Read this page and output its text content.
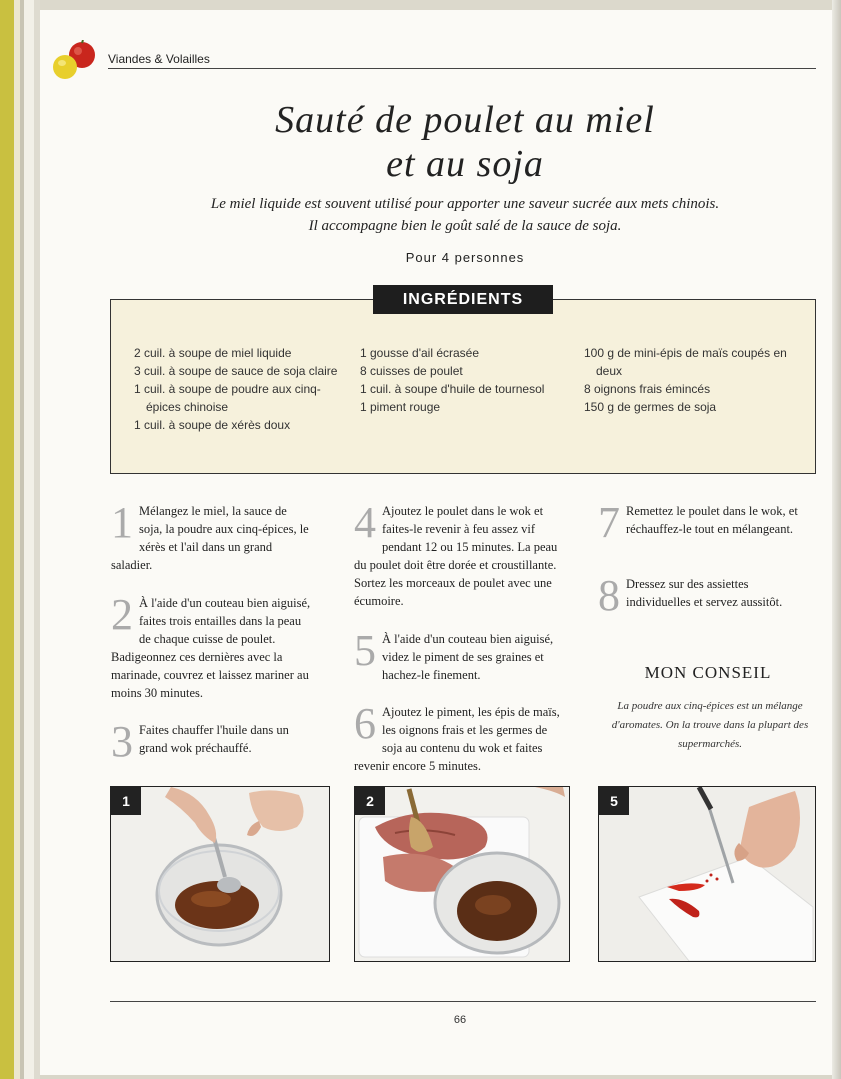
Viandes & Volailles
Sauté de poulet au miel
et au soja
Le miel liquide est souvent utilisé pour apporter une saveur sucrée aux mets chinois.
Il accompagne bien le goût salé de la sauce de soja.
Pour 4 personnes
INGRÉDIENTS
2 cuil. à soupe de miel liquide
3 cuil. à soupe de sauce de soja claire
1 cuil. à soupe de poudre aux cinq-
épices chinoise
1 cuil. à soupe de xérès doux
1 gousse d'ail écrasée
8 cuisses de poulet
1 cuil. à soupe d'huile de tournesol
1 piment rouge
100 g de mini-épis de maïs coupés en
deux
8 oignons frais émincés
150 g de germes de soja
1 Mélangez le miel, la sauce de soja, la poudre aux cinq-épices, le xérès et l'ail dans un grand saladier.
2 À l'aide d'un couteau bien aiguisé, faites trois entailles dans la peau de chaque cuisse de poulet. Badigeonnez ces dernières avec la marinade, couvrez et laissez mariner au moins 30 minutes.
3 Faites chauffer l'huile dans un grand wok préchauffé.
4 Ajoutez le poulet dans le wok et faites-le revenir à feu assez vif pendant 12 ou 15 minutes. La peau du poulet doit être dorée et croustillante. Sortez les morceaux de poulet avec une écumoire.
5 À l'aide d'un couteau bien aiguisé, videz le piment de ses graines et hachez-le finement.
6 Ajoutez le piment, les épis de maïs, les oignons frais et les germes de soja au contenu du wok et faites revenir encore 5 minutes.
7 Remettez le poulet dans le wok, et réchauffez-le tout en mélangeant.
8 Dressez sur des assiettes individuelles et servez aussitôt.
MON CONSEIL
La poudre aux cinq-épices est un mélange d'aromates. On la trouve dans la plupart des supermarchés.
1	2	5
66
